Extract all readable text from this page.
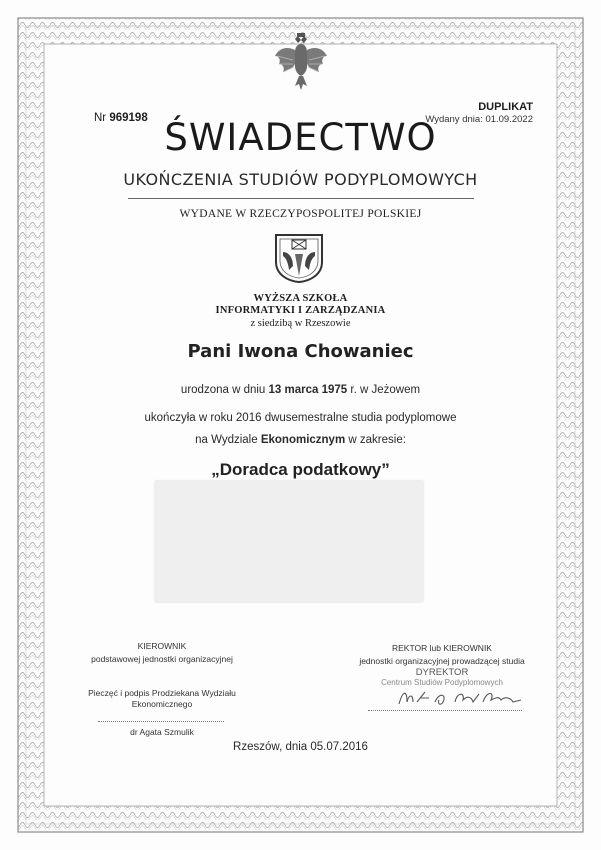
Nr 969198
DUPLIKAT
Wydany dnia: 01.09.2022
ŚWIADECTWO
UKOŃCZENIA STUDIÓW PODYPLOMOWYCH
WYDANE W RZECZYPOSPOLITEJ POLSKIEJ
WYŻSZA SZKOŁA
INFORMATYKI I ZARZĄDZANIA
z siedzibą w Rzeszowie
Pani Iwona Chowaniec
urodzona w dniu 13 marca 1975 r. w Jeżowem
ukończyła w roku 2016 dwusemestralne studia podyplomowe
na Wydziale Ekonomicznym w zakresie:
„Doradca podatkowy”
KIEROWNIK
podstawowej jednostki organizacyjnej
Pieczęć i podpis Prodziekana Wydziału
Ekonomicznego
dr Agata Szmulik
REKTOR lub KIEROWNIK
jednostki organizacyjnej prowadzącej studia
DYREKTOR
Centrum Studiów Podyplomowych
Rzeszów, dnia 05.07.2016
